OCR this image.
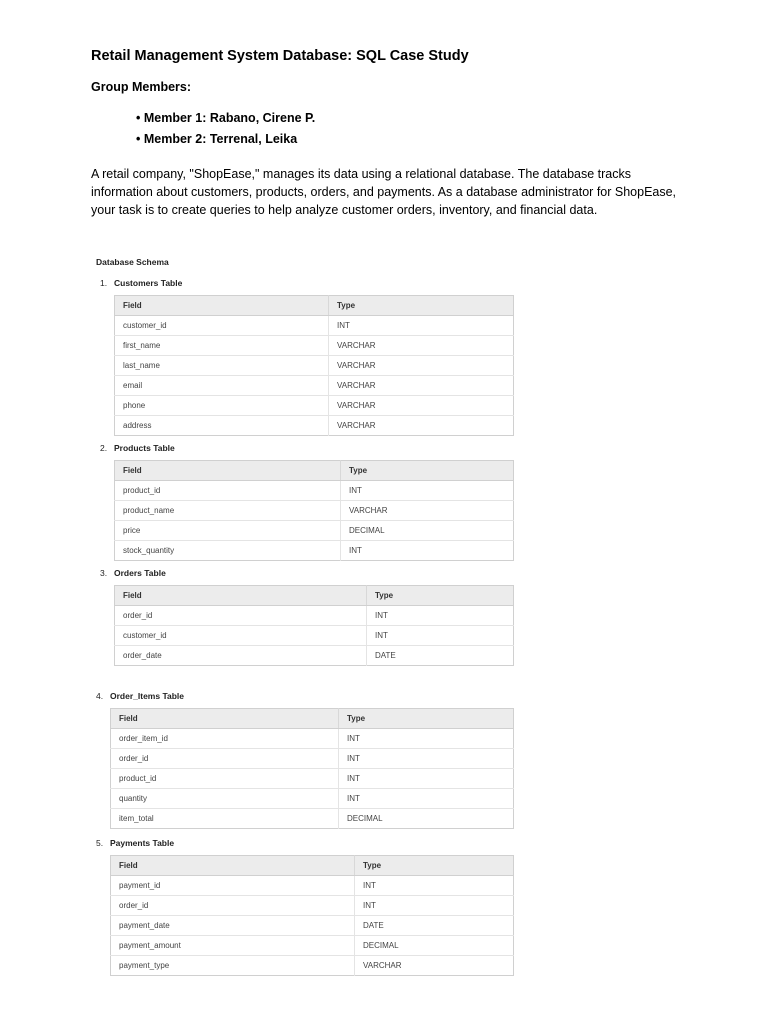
Retail Management System Database: SQL Case Study
Group Members:
• Member 1: Rabano, Cirene P.
• Member 2: Terrenal, Leika

A retail company, "ShopEase," manages its data using a relational database. The database tracks information about customers, products, orders, and payments. As a database administrator for ShopEase, your task is to create queries to help analyze customer orders, inventory, and financial data.

Database Schema
1. Customers Table
Field	Type
customer_id	INT
first_name	VARCHAR
last_name	VARCHAR
email	VARCHAR
phone	VARCHAR
address	VARCHAR
2. Products Table
Field	Type
product_id	INT
product_name	VARCHAR
price	DECIMAL
stock_quantity	INT
3. Orders Table
Field	Type
order_id	INT
customer_id	INT
order_date	DATE
4. Order_Items Table
Field	Type
order_item_id	INT
order_id	INT
product_id	INT
quantity	INT
item_total	DECIMAL
5. Payments Table
Field	Type
payment_id	INT
order_id	INT
payment_date	DATE
payment_amount	DECIMAL
payment_type	VARCHAR
